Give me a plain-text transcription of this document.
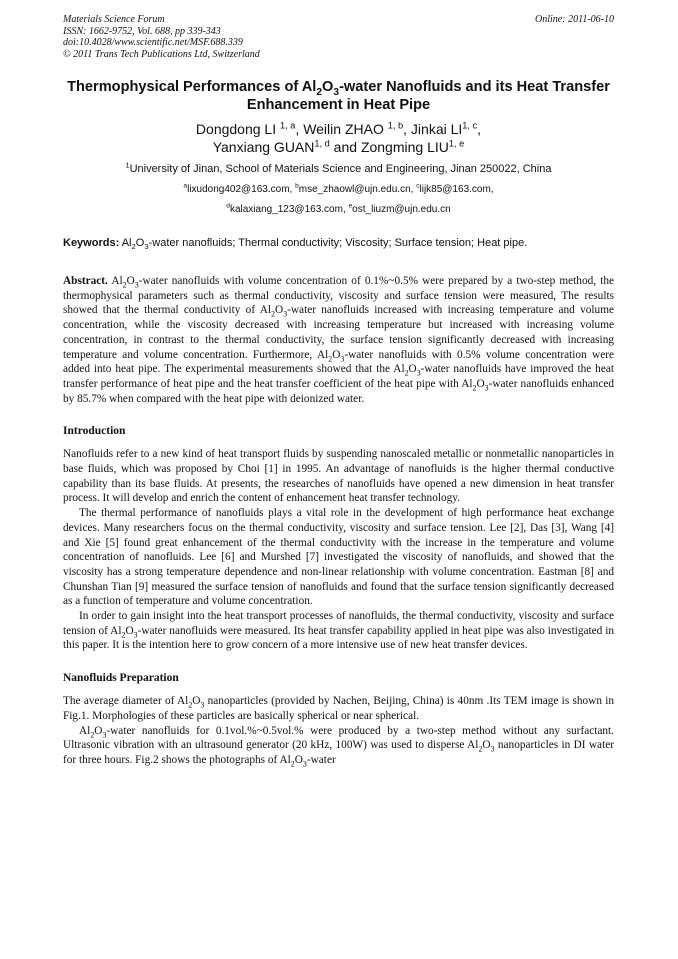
Materials Science Forum
ISSN: 1662-9752, Vol. 688, pp 339-343
doi:10.4028/www.scientific.net/MSF.688.339
© 2011 Trans Tech Publications Ltd, Switzerland
Online: 2011-06-10
Thermophysical Performances of $Al_2O_3$-water Nanofluids and its Heat Transfer Enhancement in Heat Pipe
Dongdong LI $^{1, a}$, Weilin ZHAO $^{1, b}$, Jinkai LI$^{1, c}$,
Yanxiang GUAN$^{1, d}$ and Zongming LIU$^{1, e}$
$^1$University of Jinan, School of Materials Science and Engineering, Jinan 250022, China
$^a$lixudong402@163.com, $^b$mse_zhaowl@ujn.edu.cn, $^c$lijk85@163.com,
$^d$kalaxiang_123@163.com, $^e$ost_liuzm@ujn.edu.cn
Keywords: $Al_2O_3$-water nanofluids; Thermal conductivity; Viscosity; Surface tension; Heat pipe.
Abstract. $Al_2O_3$-water nanofluids with volume concentration of 0.1%~0.5% were prepared by a two-step method, the thermophysical parameters such as thermal conductivity, viscosity and surface tension were measured, The results showed that the thermal conductivity of $Al_2O_3$-water nanofluids increased with increasing temperature and volume concentration, while the viscosity decreased with increasing temperature but increased with increasing volume concentration, in contrast to the thermal conductivity, the surface tension significantly decreased with increasing temperature and volume concentration. Furthermore, $Al_2O_3$-water nanofluids with 0.5% volume concentration were added into heat pipe. The experimental measurements showed that the $Al_2O_3$-water nanofluids have improved the heat transfer performance of heat pipe and the heat transfer coefficient of the heat pipe with $Al_2O_3$-water nanofluids enhanced by 85.7% when compared with the heat pipe with deionized water.
Introduction
Nanofluids refer to a new kind of heat transport fluids by suspending nanoscaled metallic or nonmetallic nanoparticles in base fluids, which was proposed by Choi [1] in 1995. An advantage of nanofluids is the higher thermal conductive capability than its base fluids. At presents, the researches of nanofluids have opened a new dimension in heat transfer process. It will develop and enrich the content of enhancement heat transfer technology.
The thermal performance of nanofluids plays a vital role in the development of high performance heat exchange devices. Many researchers focus on the thermal conductivity, viscosity and surface tension. Lee [2], Das [3], Wang [4] and Xie [5] found great enhancement of the thermal conductivity with the increase in the temperature and volume concentration of nanofluids. Lee [6] and Murshed [7] investigated the viscosity of nanofluids, and showed that the viscosity has a strong temperature dependence and non-linear relationship with volume concentration. Eastman [8] and Chunshan Tian [9] measured the surface tension of nanofluids and found that the surface tension significantly decreased as a function of temperature and volume concentration.
In order to gain insight into the heat transport processes of nanofluids, the thermal conductivity, viscosity and surface tension of $Al_2O_3$-water nanofluids were measured. Its heat transfer capability applied in heat pipe was also investigated in this paper. It is the intention here to grow concern of a more intensive use of new heat transfer devices.
Nanofluids Preparation
The average diameter of $Al_2O_3$ nanoparticles (provided by Nachen, Beijing, China) is 40nm .Its TEM image is shown in Fig.1. Morphologies of these particles are basically spherical or near spherical.
$Al_2O_3$-water nanofluids for 0.1vol.%~0.5vol.% were produced by a two-step method without any surfactant. Ultrasonic vibration with an ultrasound generator (20 kHz, 100W) was used to disperse $Al_2O_3$ nanoparticles in DI water for three hours. Fig.2 shows the photographs of $Al_2O_3$-water
